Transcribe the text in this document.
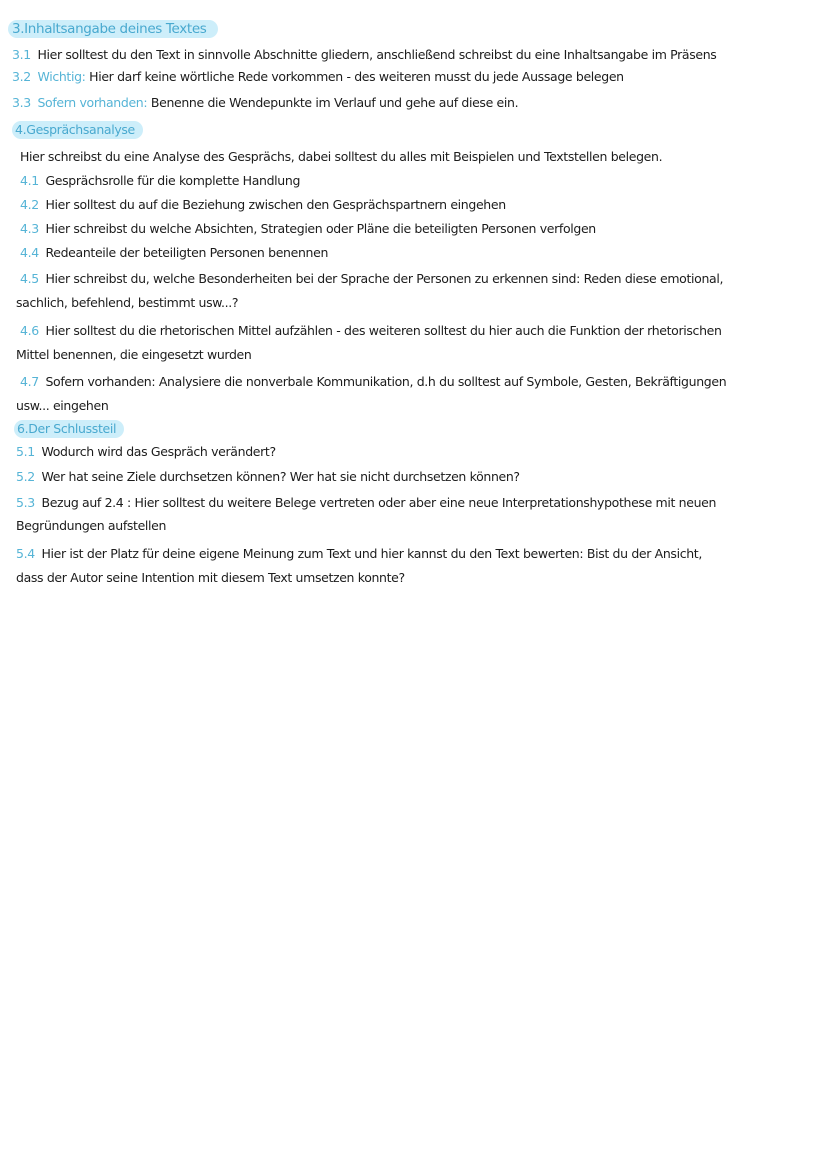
3.Inhaltsangabe deines Textes
3.1 Hier solltest du den Text in sinnvolle Abschnitte gliedern, anschließend schreibst du eine Inhaltsangabe im Präsens
3.2 Wichtig: Hier darf keine wörtliche Rede vorkommen - des weiteren musst du jede Aussage belegen
3.3 Sofern vorhanden: Benenne die Wendepunkte im Verlauf und gehe auf diese ein.
4.Gesprächsanalyse
Hier schreibst du eine Analyse des Gesprächs, dabei solltest du alles mit Beispielen und Textstellen belegen.
4.1 Gesprächsrolle für die komplette Handlung
4.2 Hier solltest du auf die Beziehung zwischen den Gesprächspartnern eingehen
4.3 Hier schreibst du welche Absichten, Strategien oder Pläne die beteiligten Personen verfolgen
4.4 Redeanteile der beteiligten Personen benennen
4.5 Hier schreibst du, welche Besonderheiten bei der Sprache der Personen zu erkennen sind: Reden diese emotional,
sachlich, befehlend, bestimmt usw...?
4.6 Hier solltest du die rhetorischen Mittel aufzählen - des weiteren solltest du hier auch die Funktion der rhetorischen
Mittel benennen, die eingesetzt wurden
4.7 Sofern vorhanden: Analysiere die nonverbale Kommunikation, d.h du solltest auf Symbole, Gesten, Bekräftigungen
usw... eingehen
6.Der Schlussteil
5.1 Wodurch wird das Gespräch verändert?
5.2 Wer hat seine Ziele durchsetzen können? Wer hat sie nicht durchsetzen können?
5.3 Bezug auf 2.4 : Hier solltest du weitere Belege vertreten oder aber eine neue Interpretationshypothese mit neuen
Begründungen aufstellen
5.4 Hier ist der Platz für deine eigene Meinung zum Text und hier kannst du den Text bewerten: Bist du der Ansicht,
dass der Autor seine Intention mit diesem Text umsetzen konnte?
